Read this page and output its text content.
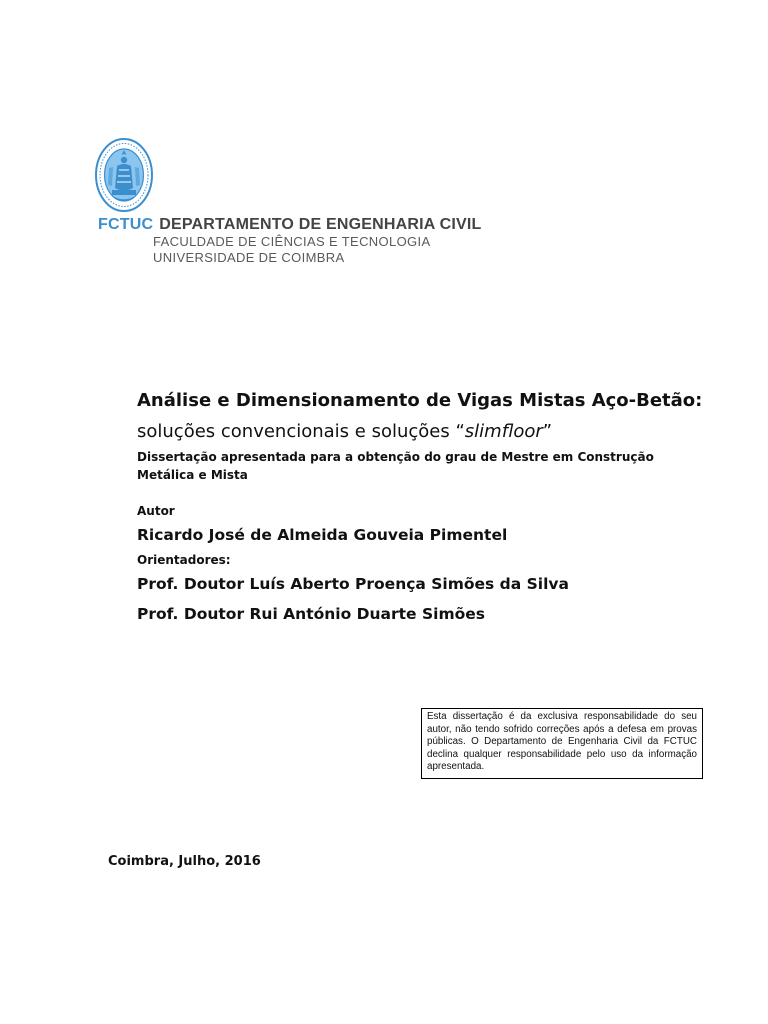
FCTUC DEPARTAMENTO DE ENGENHARIA CIVIL
FACULDADE DE CIÊNCIAS E TECNOLOGIA
UNIVERSIDADE DE COIMBRA
Análise e Dimensionamento de Vigas Mistas Aço-Betão:
soluções convencionais e soluções “slimfloor”
Dissertação apresentada para a obtenção do grau de Mestre em Construção Metálica e Mista
Autor
Ricardo José de Almeida Gouveia Pimentel
Orientadores:
Prof. Doutor Luís Aberto Proença Simões da Silva
Prof. Doutor Rui António Duarte Simões
Esta dissertação é da exclusiva responsabilidade do seu autor, não tendo sofrido correções após a defesa em provas públicas. O Departamento de Engenharia Civil da FCTUC declina qualquer responsabilidade pelo uso da informação apresentada.
Coimbra, Julho, 2016
